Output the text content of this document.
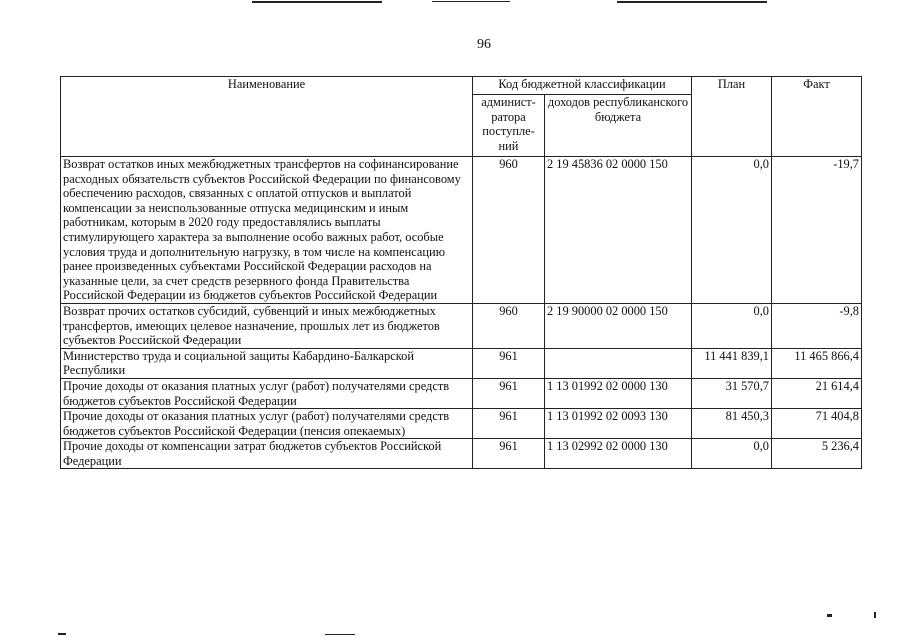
96
Наименование	Код бюджетной классификации		План	Факт
	админист-ратора поступле-ний	доходов республиканского бюджета		
Возврат остатков иных межбюджетных трансфертов на софинансирование расходных обязательств субъектов Российской Федерации по финансовому обеспечению расходов, связанных с оплатой отпусков и выплатой компенсации за неиспользованные отпуска медицинским и иным работникам, которым в 2020 году предоставлялись выплаты стимулирующего характера за выполнение особо важных работ, особые условия труда и дополнительную нагрузку, в том числе на компенсацию ранее произведенных субъектами Российской Федерации расходов на указанные цели, за счет средств резервного фонда Правительства Российской Федерации из бюджетов субъектов Российской Федерации	960	2 19 45836 02 0000 150	0,0	-19,7
Возврат прочих остатков субсидий, субвенций и иных межбюджетных трансфертов, имеющих целевое назначение, прошлых лет из бюджетов субъектов Российской Федерации	960	2 19 90000 02 0000 150	0,0	-9,8
Министерство труда и социальной защиты Кабардино-Балкарской Республики	961		11 441 839,1	11 465 866,4
Прочие доходы от оказания платных услуг (работ) получателями средств бюджетов субъектов Российской Федерации	961	1 13 01992 02 0000 130	31 570,7	21 614,4
Прочие доходы от оказания платных услуг (работ) получателями средств бюджетов субъектов Российской Федерации (пенсия опекаемых)	961	1 13 01992 02 0093 130	81 450,3	71 404,8
Прочие доходы от компенсации затрат бюджетов субъектов Российской Федерации	961	1 13 02992 02 0000 130	0,0	5 236,4
